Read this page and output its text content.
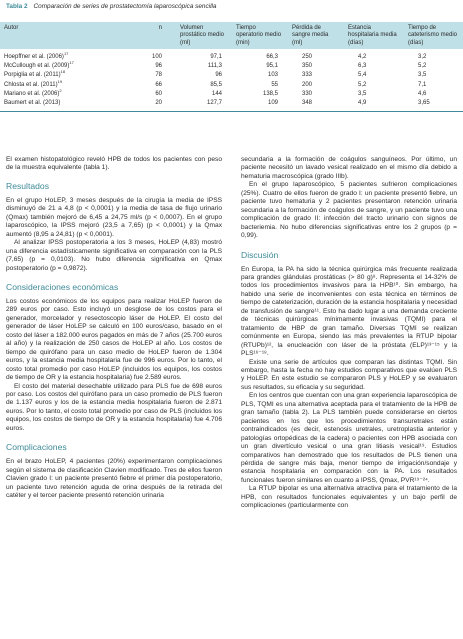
Tabla 2 Comparación de series de prostatectomía laparoscópica sencilla
Autor	n	Volumen prostático medio (ml)	Tiempo operatorio medio (min)	Pérdida de sangre media (ml)	Estancia hospitalaria media (días)	Tiempo de cateterismo medio (días)
Hoepffner et al. $(2006)^{17}$	100	97,1	66,3	250	4,2	3,2
McCullough et al. $(2009)^{17}$	96	111,3	95,1	350	6,3	5,2
Porpiglia et al. $(2011)^{18}$	78	96	103	333	5,4	3,5
Chlosta et al. $(2011)^{19}$	66	85,5	55	200	5,2	7,1
Mariano et al. $(2006)^2$	60	144	138,5	330	3,5	4,6
Baumert et al. (2013)	20	127,7	109	348	4,9	3,65

El examen histopatológico reveló HPB de todos los pacientes con peso de la muestra equivalente (tabla 1).

Resultados

En el grupo HoLEP, 3 meses después de la cirugía la media de IPSS disminuyó de 21 a 4,8 (p < 0,0001) y la media de tasa de flujo urinario (Qmax) también mejoró de 6,45 a 24,75 ml/s (p < 0,0007). En el grupo laparoscópico, la IPSS mejoró (23,5 a 7,65) (p < 0,0001) y la Qmax aumentó (8,95 a 24,81) (p < 0,0001).

Al analizar IPSS postoperatoria a los 3 meses, HoLEP (4,83) mostró una diferencia estadísticamente significativa en comparación con la PLS (7,65) (p = 0,0103). No hubo diferencia significativa en Qmax postoperatorio (p = 0,9872).

Consideraciones económicas

Los costos económicos de los equipos para realizar HoLEP fueron de 289 euros por caso. Esto incluyó un desglose de los costos para el generador, morcelador y resectoscopio láser de HoLEP. El costo del generador de láser HoLEP se calculó en 100 euros/caso, basado en el costo del láser a 182.000 euros pagados en más de 7 años (25.700 euros al año) y la realización de 250 casos de HoLEP al año. Los costos de tiempo de quirófano para un caso medio de HoLEP fueron de 1.304 euros, y la estancia media hospitalaria fue de 996 euros. Por lo tanto, el costo total promedio por caso HoLEP (incluidos los equipos, los costos de tiempo de OR y la estancia hospitalaria) fue 2.589 euros.

El costo del material desechable utilizado para PLS fue de 698 euros por caso. Los costos del quirófano para un caso promedio de PLS fueron de 1.137 euros y los de la estancia media hospitalaria fueron de 2.871 euros. Por lo tanto, el costo total promedio por caso de PLS (incluidos los equipos, los costos de tiempo de OR y la estancia hospitalaria) fue 4.706 euros.

Complicaciones

En el brazo HoLEP, 4 pacientes (20%) experimentaron complicaciones según el sistema de clasificación Clavien modificado. Tres de ellos fueron Clavien grado I: un paciente presentó fiebre el primer día postoperatorio, un paciente tuvo retención aguda de orina después de la retirada del catéter y el tercer paciente presentó retención urinaria

secundaria a la formación de coágulos sanguíneos. Por último, un paciente necesitó un lavado vesical realizado en el mismo día debido a hematuria macroscópica (grado IIIb).

En el grupo laparoscópico, 5 pacientes sufrieron complicaciones (25%). Cuatro de ellos fueron de grado I: un paciente presentó fiebre, un paciente tuvo hematuria y 2 pacientes presentaron retención urinaria secundaria a la formación de coágulos de sangre, y un paciente tuvo una complicación de grado II: infección del tracto urinario con signos de bacteriemia. No hubo diferencias significativas entre los 2 grupos (p = 0,99).

Discusión

En Europa, la PA ha sido la técnica quirúrgica más frecuente realizada para grandes glándulas prostáticas (> 80 g)⁸. Representa el 14-32% de todos los procedimientos invasivos para la HPB¹⁰. Sin embargo, ha habido una serie de inconvenientes con esta técnica en términos de tiempo de cateterización, duración de la estancia hospitalaria y necesidad de transfusión de sangre¹¹. Esto ha dado lugar a una demanda creciente de técnicas quirúrgicas mínimamente invasivas (TQMI) para el tratamiento de HBP de gran tamaño. Diversas TQMI se realizan comúnmente en Europa, siendo las más prevalentes la RTUP bipolar (RTUPb)¹², la enucleación con láser de la próstata (ELP)¹³⁻¹⁵ y la PLS¹⁶⁻¹⁸.

Existe una serie de artículos que comparan las distintas TQMI. Sin embargo, hasta la fecha no hay estudios comparativos que evalúen PLS y HoLEP. En este estudio se compararon PLS y HoLEP y se evaluaron sus resultados, su eficacia y su seguridad.

En los centros que cuentan con una gran experiencia laparoscópica de PLS, TQMI es una alternativa aceptada para el tratamiento de la HPB de gran tamaño (tabla 2). La PLS también puede considerarse en ciertos pacientes en los que los procedimientos transuretrales están contraindicados (es decir, estenosis uretrales, uretroplastia anterior y patologías ortopédicas de la cadera) o pacientes con HPB asociada con un gran divertículo vesical o una gran litiasis vesical¹⁹. Estudios comparativos han demostrado que los resultados de PLS tienen una pérdida de sangre más baja, menor tiempo de irrigación/sondaje y estancia hospitalaria en comparación con la PA. Los resultados funcionales fueron similares en cuanto a IPSS, Qmax, PVR¹⁹⁻²⁴.

La RTUP bipolar es una alternativa atractiva para el tratamiento de la HPB, con resultados funcionales equivalentes y un bajo perfil de complicaciones (particularmente con
